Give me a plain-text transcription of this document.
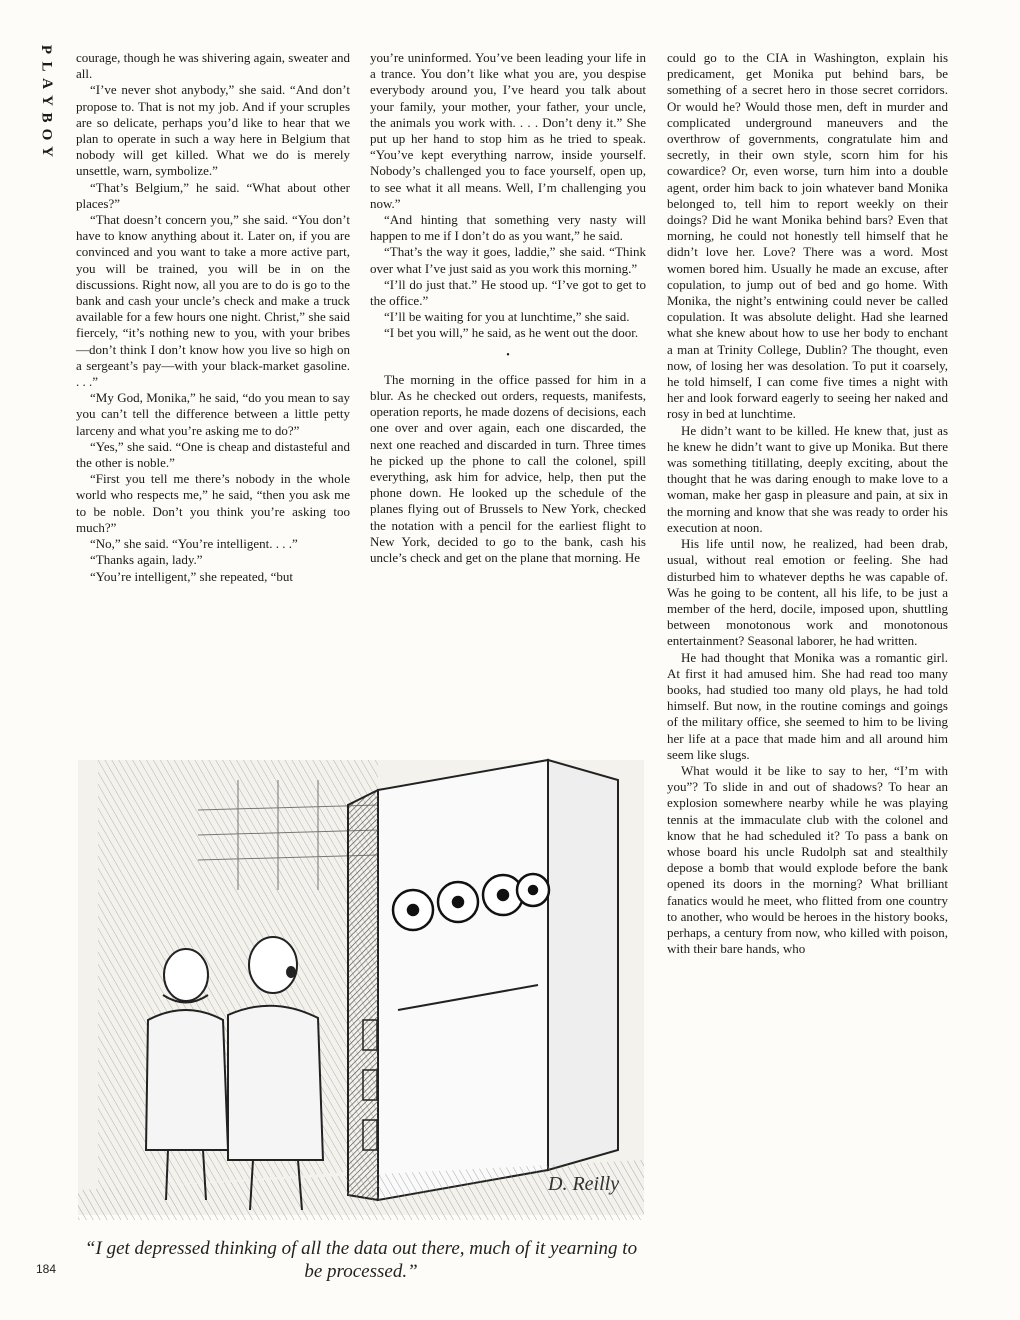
P
L
A
Y
B
O
Y

courage, though he was shivering again, sweater and all.

“I’ve never shot anybody,” she said. “And don’t propose to. That is not my job. And if your scruples are so delicate, perhaps you’d like to hear that we plan to operate in such a way here in Belgium that nobody will get killed. What we do is merely unsettle, warn, symbolize.”

“That’s Belgium,” he said. “What about other places?”

“That doesn’t concern you,” she said. “You don’t have to know anything about it. Later on, if you are convinced and you want to take a more active part, you will be trained, you will be in on the discussions. Right now, all you are to do is go to the bank and cash your uncle’s check and make a truck available for a few hours one night. Christ,” she said fiercely, “it’s nothing new to you, with your bribes—don’t think I don’t know how you live so high on a sergeant’s pay—with your black-market gasoline. . . .”

“My God, Monika,” he said, “do you mean to say you can’t tell the difference between a little petty larceny and what you’re asking me to do?”

“Yes,” she said. “One is cheap and distasteful and the other is noble.”

“First you tell me there’s nobody in the whole world who respects me,” he said, “then you ask me to be noble. Don’t you think you’re asking too much?”

“No,” she said. “You’re intelligent. . . .”

“Thanks again, lady.”

“You’re intelligent,” she repeated, “but

you’re uninformed. You’ve been leading your life in a trance. You don’t like what you are, you despise everybody around you, I’ve heard you talk about your family, your mother, your father, your uncle, the animals you work with. . . . Don’t deny it.” She put up her hand to stop him as he tried to speak. “You’ve kept everything narrow, inside yourself. Nobody’s challenged you to face yourself, open up, to see what it all means. Well, I’m challenging you now.”

“And hinting that something very nasty will happen to me if I don’t do as you want,” he said.

“That’s the way it goes, laddie,” she said. “Think over what I’ve just said as you work this morning.”

“I’ll do just that.” He stood up. “I’ve got to get to the office.”

“I’ll be waiting for you at lunchtime,” she said.

“I bet you will,” he said, as he went out the door.

•

The morning in the office passed for him in a blur. As he checked out orders, requests, manifests, operation reports, he made dozens of decisions, each one over and over again, each one discarded, the next one reached and discarded in turn. Three times he picked up the phone to call the colonel, spill everything, ask him for advice, help, then put the phone down. He looked up the schedule of the planes flying out of Brussels to New York, checked the notation with a pencil for the earliest flight to New York, decided to go to the bank, cash his uncle’s check and get on the plane that morning. He

could go to the CIA in Washington, explain his predicament, get Monika put behind bars, be something of a secret hero in those secret corridors. Or would he? Would those men, deft in murder and complicated underground maneuvers and the overthrow of governments, congratulate him and secretly, in their own style, scorn him for his cowardice? Or, even worse, turn him into a double agent, order him back to join whatever band Monika belonged to, tell him to report weekly on their doings? Did he want Monika behind bars? Even that morning, he could not honestly tell himself that he didn’t love her. Love? There was a word. Most women bored him. Usually he made an excuse, after copulation, to jump out of bed and go home. With Monika, the night’s entwining could never be called copulation. It was absolute delight. Had she learned what she knew about how to use her body to enchant a man at Trinity College, Dublin? The thought, even now, of losing her was desolation. To put it coarsely, he told himself, I can come five times a night with her and look forward eagerly to seeing her naked and rosy in bed at lunchtime.

He didn’t want to be killed. He knew that, just as he knew he didn’t want to give up Monika. But there was something titillating, deeply exciting, about the thought that he was daring enough to make love to a woman, make her gasp in pleasure and pain, at six in the morning and know that she was ready to order his execution at noon.

His life until now, he realized, had been drab, usual, without real emotion or feeling. She had disturbed him to whatever depths he was capable of. Was he going to be content, all his life, to be just a member of the herd, docile, imposed upon, shuttling between monotonous work and monotonous entertainment? Seasonal laborer, he had written.

He had thought that Monika was a romantic girl. At first it had amused him. She had read too many books, had studied too many old plays, he had told himself. But now, in the routine comings and goings of the military office, she seemed to him to be living her life at a pace that made him and all around him seem like slugs.

What would it be like to say to her, “I’m with you”? To slide in and out of shadows? To hear an explosion somewhere nearby while he was playing tennis at the immaculate club with the colonel and know that he had scheduled it? To pass a bank on whose board his uncle Rudolph sat and stealthily depose a bomb that would explode before the bank opened its doors in the morning? What brilliant fanatics would he meet, who flitted from one country to another, who would be heroes in the history books, perhaps, a century from now, who killed with poison, with their bare hands, who

D. Reilly
“I get depressed thinking of all the data out there, much of it yearning to be processed.”
184
